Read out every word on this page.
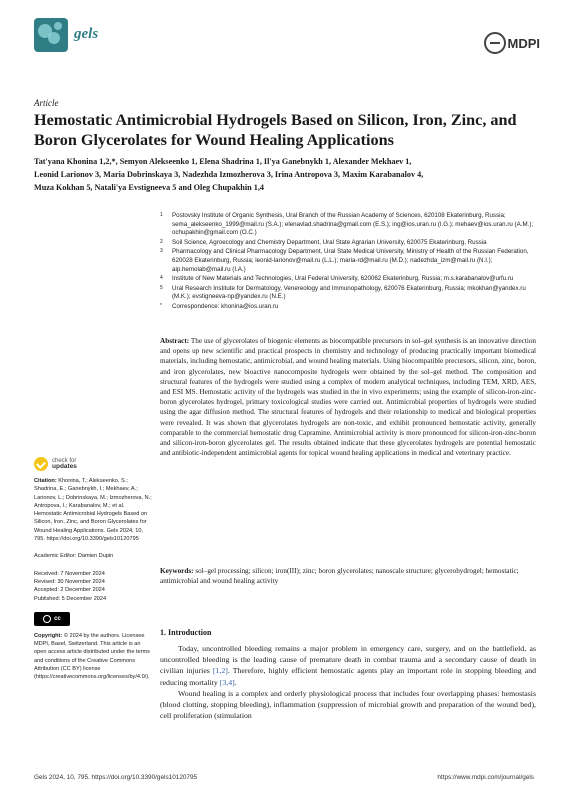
gels
MDPI
Article
Hemostatic Antimicrobial Hydrogels Based on Silicon, Iron, Zinc, and Boron Glycerolates for Wound Healing Applications
Tat'yana Khonina 1,2,*, Semyon Alekseenko 1, Elena Shadrina 1, Il'ya Ganebnykh 1, Alexander Mekhaev 1,
Leonid Larionov 3, Maria Dobrinskaya 3, Nadezhda Izmozherova 3, Irina Antropova 3, Maxim Karabanalov 4,
Muza Kokhan 5, Natali'ya Evstigneeva 5 and Oleg Chupakhin 1,4
1 Postovsky Institute of Organic Synthesis, Ural Branch of the Russian Academy of Sciences, 620108 Ekaterinburg, Russia; sema_alekseenko_1999@mail.ru (S.A.); elenavlad.shadrina@gmail.com (E.S.); ing@ios.uran.ru (I.G.); mehaev@ios.uran.ru (A.M.); ochupakhin@gmail.com (O.C.)
2 Soil Science, Agroecology and Chemistry Department, Ural State Agrarian University, 620075 Ekaterinburg, Russia
3 Pharmacology and Clinical Pharmacology Department, Ural State Medical University, Ministry of Health of the Russian Federation, 620028 Ekaterinburg, Russia; leonid-larionov@mail.ru (L.L.); maria-rd@mail.ru (M.D.); nadezhda_izm@mail.ru (N.I.); aip.hemolab@mail.ru (I.A.)
4 Institute of New Materials and Technologies, Ural Federal University, 620062 Ekaterinburg, Russia; m.s.karabanalov@urfu.ru
5 Ural Research Institute for Dermatology, Venereology and Immunopathology, 620076 Ekaterinburg, Russia; mkokhan@yandex.ru (M.K.); evstigneeva-np@yandex.ru (N.E.)
* Correspondence: khonina@ios.uran.ru
check for
updates
Citation: Khonina, T.; Alekseenko, S.; Shadrina, E.; Ganebnykh, I.; Mekhaev, A.; Larionov, L.; Dobrinskaya, M.; Izmozherova, N.; Antropova, I.; Karabanalov, M.; et al. Hemostatic Antimicrobial Hydrogels Based on Silicon, Iron, Zinc, and Boron Glycerolates for Wound Healing Applications. Gels 2024, 10, 795. https://doi.org/10.3390/gels10120795
Academic Editor: Damien Dupin
Received: 7 November 2024
Revised: 30 November 2024
Accepted: 2 December 2024
Published: 5 December 2024
cc
Copyright: © 2024 by the authors. Licensee MDPI, Basel, Switzerland. This article is an open access article distributed under the terms and conditions of the Creative Commons Attribution (CC BY) license (https://creativecommons.org/licenses/by/4.0/).
Abstract: The use of glycerolates of biogenic elements as biocompatible precursors in sol–gel synthesis is an innovative direction and opens up new scientific and practical prospects in chemistry and technology of producing practically important biomedical materials, including hemostatic, antimicrobial, and wound healing materials. Using biocompatible precursors, silicon, zinc, boron, and iron glycerolates, new bioactive nanocomposite hydrogels were obtained by the sol–gel method. The composition and structural features of the hydrogels were studied using a complex of modern analytical techniques, including TEM, XRD, AES, and ESI MS. Hemostatic activity of the hydrogels was studied in the in vivo experiments; using the example of silicon-iron-zinc-boron glycerolates hydrogel, primary toxicological studies were carried out. Antimicrobial properties of hydrogels were studied using the agar diffusion method. The structural features of hydrogels and their relationship to medical and biological properties were revealed. It was shown that glycerolates hydrogels are non-toxic, and exhibit pronounced hemostatic activity, generally comparable to the commercial hemostatic drug Capramine. Antimicrobial activity is more pronounced for silicon-iron-zinc-boron and silicon-iron-boron glycerolates gel. The results obtained indicate that these glycerolates hydrogels are potential hemostatic and antibiotic-independent antimicrobial agents for topical wound healing applications in medical and veterinary practice.
Keywords: sol–gel processing; silicon; iron(III); zinc; boron glycerolates; nanoscale structure; glycerohydrogel; hemostatic; antimicrobial and wound healing activity
1. Introduction

Today, uncontrolled bleeding remains a major problem in emergency care, surgery, and on the battlefield, as uncontrolled bleeding is the leading cause of premature death in combat trauma and a secondary cause of death in civilian injuries [1,2]. Therefore, highly efficient hemostatic agents play an important role in stopping bleeding and reducing mortality [3,4].

Wound healing is a complex and orderly physiological process that includes four overlapping phases: hemostasis (blood clotting, stopping bleeding), inflammation (suppression of microbial growth and preparation of the wound bed), cell proliferation (stimulation

Gels 2024, 10, 795. https://doi.org/10.3390/gels10120795	https://www.mdpi.com/journal/gels
